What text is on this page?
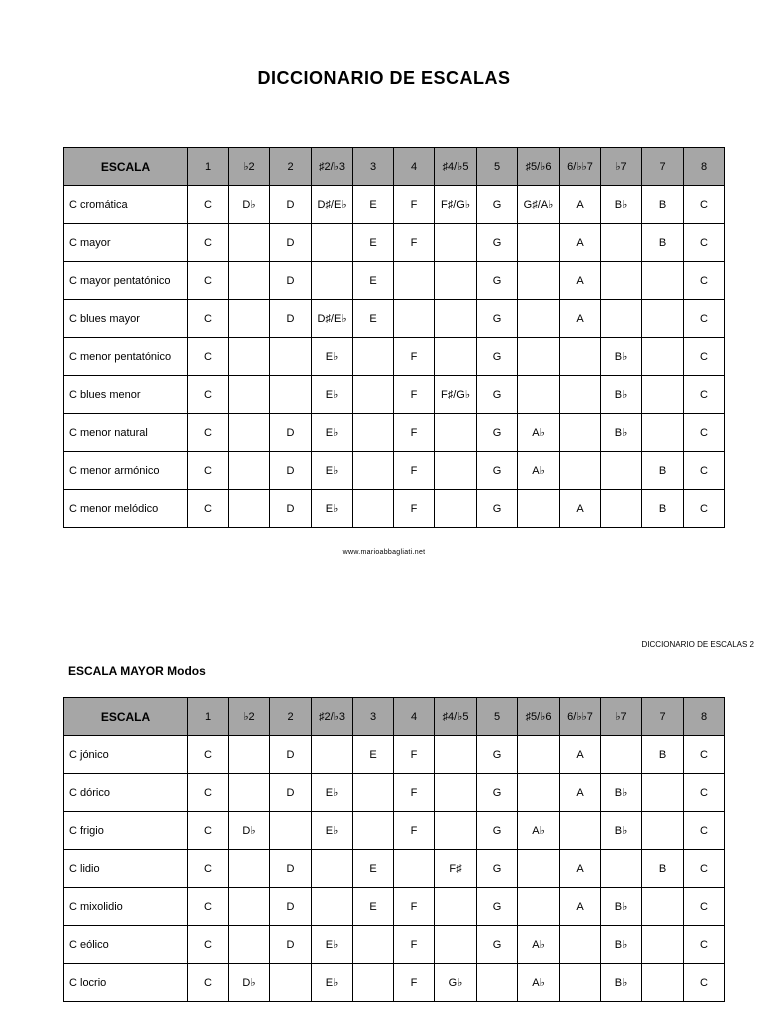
DICCIONARIO DE ESCALAS
ESCALA	1	♭2	2	♯2/♭3	3	4	♯4/♭5	5	♯5/♭6	6/♭♭7	♭7	7	8
C cromática	C	D♭	D	D♯/E♭	E	F	F♯/G♭	G	G♯/A♭	A	B♭	B	C
C mayor	C		D		E	F		G		A		B	C
C mayor pentatónico	C		D		E			G		A			C
C blues mayor	C		D	D♯/E♭	E			G		A			C
C menor pentatónico	C			E♭		F		G			B♭		C
C blues menor	C			E♭		F	F♯/G♭	G			B♭		C
C menor natural	C		D	E♭		F		G	A♭		B♭		C
C menor armónico	C		D	E♭		F		G	A♭			B	C
C menor melódico	C		D	E♭		F		G		A		B	C
www.marioabbagliati.net
DICCIONARIO DE ESCALAS 2
ESCALA MAYOR Modos
ESCALA	1	♭2	2	♯2/♭3	3	4	♯4/♭5	5	♯5/♭6	6/♭♭7	♭7	7	8
C jónico	C		D		E	F		G		A		B	C
C dórico	C		D	E♭		F		G		A	B♭		C
C frigio	C	D♭		E♭		F		G	A♭		B♭		C
C lidio	C		D		E		F♯	G		A		B	C
C mixolidio	C		D		E	F		G		A	B♭		C
C eólico	C		D	E♭		F		G	A♭		B♭		C
C locrio	C	D♭		E♭		F	G♭		A♭		B♭		C
